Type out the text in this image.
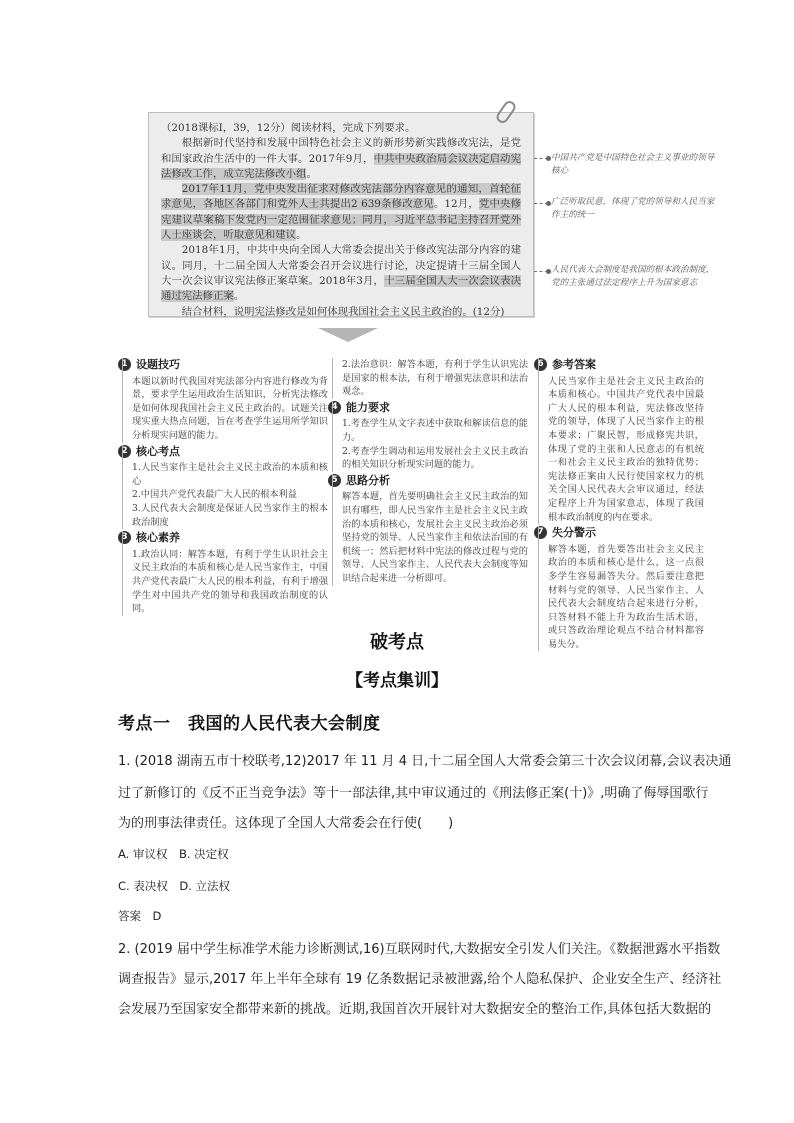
（2018课标Ⅰ，39，12分）阅读材料，完成下列要求。

根据新时代坚持和发展中国特色社会主义的新形势新实践修改宪法，是党和国家政治生活中的一件大事。2017年9月，中共中央政治局会议决定启动宪法修改工作，成立宪法修改小组。

2017年11月，党中央发出征求对修改宪法部分内容意见的通知，首轮征求意见，各地区各部门和党外人士共提出2 639条修改意见。12月，党中央修宪建议草案稿下发党内一定范围征求意见；同月，习近平总书记主持召开党外人士座谈会，听取意见和建议。

2018年1月，中共中央向全国人大常委会提出关于修改宪法部分内容的建议。同月，十二届全国人大常委会召开会议进行讨论，决定提请十三届全国人大一次会议审议宪法修正案草案。2018年3月，十三届全国人大一次会议表决通过宪法修正案。

结合材料，说明宪法修改是如何体现我国社会主义民主政治的。(12分)

中国共产党是中国特色社会主义事业的领导核心
广泛听取民意，体现了党的领导和人民当家作主的统一
人民代表大会制度是我国的根本政治制度，党的主张通过法定程序上升为国家意志
1 设题技巧
本题以新时代我国对宪法部分内容进行修改为背景，要求学生运用政治生活知识，分析宪法修改是如何体现我国社会主义民主政治的。试题关注现实重大热点问题，旨在考查学生运用所学知识分析现实问题的能力。
2 核心考点
1.人民当家作主是社会主义民主政治的本质和核心
2.中国共产党代表最广大人民的根本利益
3.人民代表大会制度是保证人民当家作主的根本政治制度
3 核心素养
1.政治认同：解答本题，有利于学生认识社会主义民主政治的本质和核心是人民当家作主，中国共产党代表最广大人民的根本利益，有利于增强学生对中国共产党的领导和我国政治制度的认同。
2.法治意识：解答本题，有利于学生认识宪法是国家的根本法，有利于增强宪法意识和法治观念。
4 能力要求
1.考查学生从文字表述中获取和解读信息的能力。
2.考查学生调动和运用发展社会主义民主政治的相关知识分析现实问题的能力。
5 思路分析
解答本题，首先要明确社会主义民主政治的知识有哪些，即人民当家作主是社会主义民主政治的本质和核心，发展社会主义民主政治必须坚持党的领导、人民当家作主和依法治国的有机统一；然后把材料中宪法的修改过程与党的领导、人民当家作主、人民代表大会制度等知识结合起来进一分析即可。
6 参考答案
人民当家作主是社会主义民主政治的本质和核心。中国共产党代表中国最广大人民的根本利益，宪法修改坚持党的领导，体现了人民当家作主的根本要求；广聚民智，形成修宪共识，体现了党的主张和人民意志的有机统一和社会主义民主政治的独特优势；宪法修正案由人民行使国家权力的机关全国人民代表大会审议通过，经法定程序上升为国家意志，体现了我国根本政治制度的内在要求。
7 失分警示
解答本题，首先要答出社会主义民主政治的本质和核心是什么，这一点很多学生容易漏答失分。然后要注意把材料与党的领导、人民当家作主、人民代表大会制度结合起来进行分析，只答材料不能上升为政治生活术语，或只答政治理论观点不结合材料都容易失分。
破考点
【考点集训】
考点一　我国的人民代表大会制度
1. (2018 湖南五市十校联考,12)2017 年 11 月 4 日,十二届全国人大常委会第三十次会议闭幕,会议表决通
过了新修订的《反不正当竞争法》等十一部法律,其中审议通过的《刑法修正案(十)》,明确了侮辱国歌行
为的刑事法律责任。这体现了全国人大常委会在行使(　　)
A. 审议权　B. 决定权
C. 表决权　D. 立法权
答案　D
2. (2019 届中学生标准学术能力诊断测试,16)互联网时代,大数据安全引发人们关注。《数据泄露水平指数
调查报告》显示,2017 年上半年全球有 19 亿条数据记录被泄露,给个人隐私保护、企业安全生产、经济社
会发展乃至国家安全都带来新的挑战。近期,我国首次开展针对大数据安全的整治工作,具体包括大数据的
